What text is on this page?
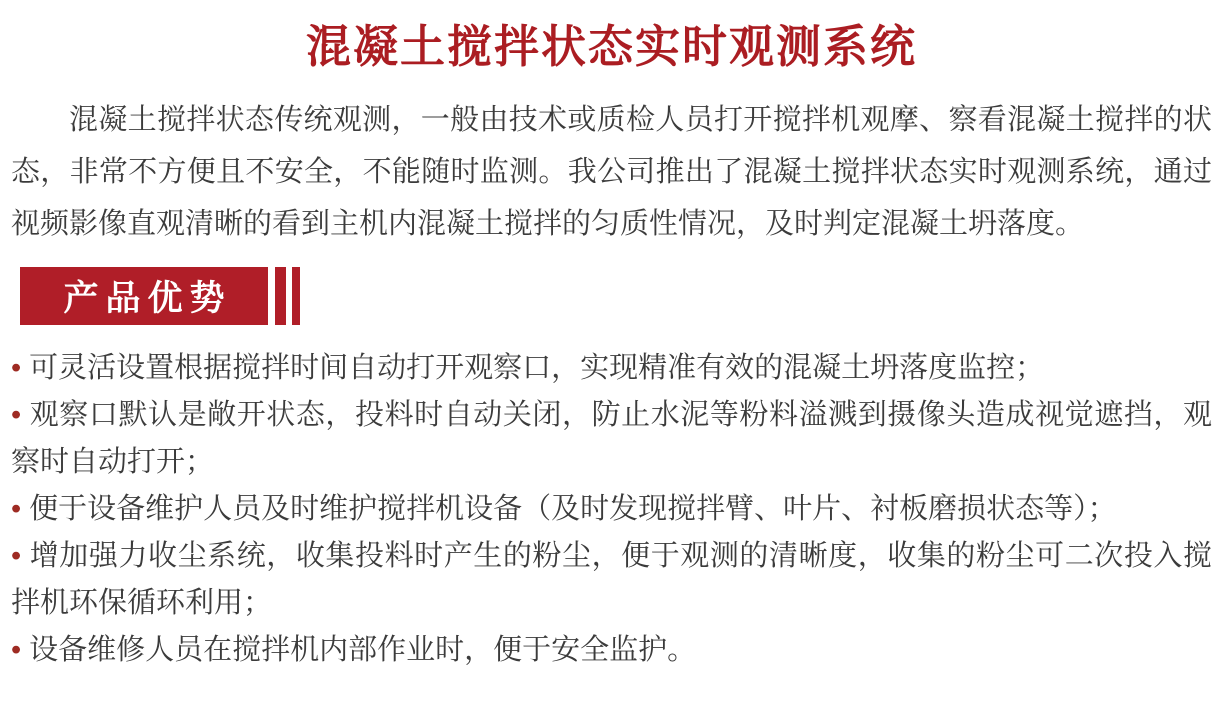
混凝土搅拌状态实时观测系统

混凝土搅拌状态传统观测，一般由技术或质检人员打开搅拌机观摩、察看混凝土搅拌的状态，非常不方便且不安全，不能随时监测。我公司推出了混凝土搅拌状态实时观测系统，通过视频影像直观清晰的看到主机内混凝土搅拌的匀质性情况，及时判定混凝土坍落度。

产品优势

• 可灵活设置根据搅拌时间自动打开观察口，实现精准有效的混凝土坍落度监控；

• 观察口默认是敞开状态，投料时自动关闭，防止水泥等粉料溢溅到摄像头造成视觉遮挡，观察时自动打开；

• 便于设备维护人员及时维护搅拌机设备（及时发现搅拌臂、叶片、衬板磨损状态等）；

• 增加强力收尘系统，收集投料时产生的粉尘，便于观测的清晰度，收集的粉尘可二次投入搅拌机环保循环利用；

• 设备维修人员在搅拌机内部作业时，便于安全监护。
